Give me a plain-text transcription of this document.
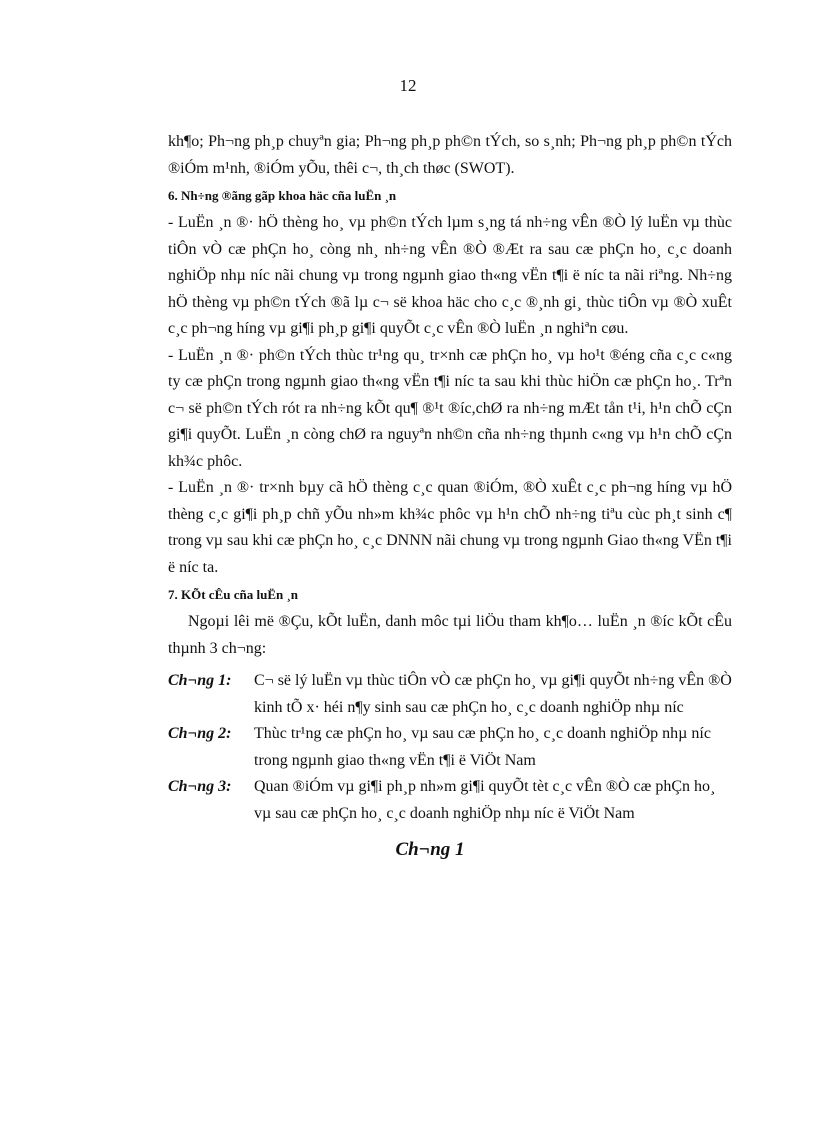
12

kh¶o; Ph¬ng ph¸p chuyªn gia; Ph¬ng ph¸p ph©n tÝch, so s¸nh; Ph¬ng ph¸p ph©n tÝch ®iÓm m¹nh, ®iÓm yÕu, thêi c¬, th¸ch thøc (SWOT).

6. Nh÷ng ®ãng gãp khoa häc cña luËn ¸n

- LuËn ¸n ®· hÖ thèng ho¸ vµ ph©n tÝch lµm s¸ng tá nh÷ng vÊn ®Ò lý luËn vµ thùc tiÔn vÒ cæ phÇn ho¸ còng nh¸ nh÷ng vÊn ®Ò ®Æt ra sau cæ phÇn ho¸ c¸c doanh nghiÖp nhµ níc nãi chung vµ trong ngµnh giao th«ng vËn t¶i ë níc ta nãi riªng. Nh÷ng hÖ thèng vµ ph©n tÝch ®ã lµ c¬ së khoa häc cho c¸c ®¸nh gi¸ thùc tiÔn vµ ®Ò xuÊt c¸c ph¬ng híng vµ gi¶i ph¸p gi¶i quyÕt c¸c vÊn ®Ò luËn ¸n nghiªn cøu.

- LuËn ¸n ®· ph©n tÝch thùc tr¹ng qu¸ tr×nh cæ phÇn ho¸ vµ ho¹t ®éng cña c¸c c«ng ty cæ phÇn trong ngµnh giao th«ng vËn t¶i níc ta sau khi thùc hiÖn cæ phÇn ho¸. Trªn c¬ së ph©n tÝch rót ra nh÷ng kÕt qu¶ ®¹t ®íc,chØ ra nh÷ng mÆt tån t¹i, h¹n chÕ cÇn gi¶i quyÕt. LuËn ¸n còng chØ ra nguyªn nh©n cña nh÷ng thµnh c«ng vµ h¹n chÕ cÇn kh¾c phôc.

- LuËn ¸n ®· tr×nh bµy cã hÖ thèng c¸c quan ®iÓm, ®Ò xuÊt c¸c ph¬ng híng vµ hÖ thèng c¸c gi¶i ph¸p chñ yÕu nh»m kh¾c phôc vµ h¹n chÕ nh÷ng tiªu cùc ph¸t sinh c¶ trong vµ sau khi cæ phÇn ho¸ c¸c DNNN nãi chung vµ trong ngµnh Giao th«ng VËn t¶i ë níc ta.

7. KÕt cÊu cña luËn ¸n

Ngoµi lêi më ®Çu, kÕt luËn, danh môc tµi liÖu tham kh¶o… luËn ¸n ®íc kÕt cÊu thµnh 3 ch¬ng:

Ch¬ng 1:	C¬ së lý luËn vµ thùc tiÔn vÒ cæ phÇn ho¸ vµ gi¶i quyÕt nh÷ng vÊn ®Ò kinh tÕ x· héi n¶y sinh sau cæ phÇn ho¸ c¸c doanh nghiÖp nhµ níc
Ch¬ng 2:	Thùc tr¹ng cæ phÇn ho¸ vµ sau cæ phÇn ho¸ c¸c doanh nghiÖp nhµ níc trong ngµnh giao th«ng vËn t¶i ë ViÖt Nam
Ch¬ng 3:	Quan ®iÓm vµ gi¶i ph¸p nh»m gi¶i quyÕt tèt c¸c vÊn ®Ò cæ phÇn ho¸ vµ sau cæ phÇn ho¸ c¸c doanh nghiÖp nhµ níc ë ViÖt Nam
Ch¬ng 1
